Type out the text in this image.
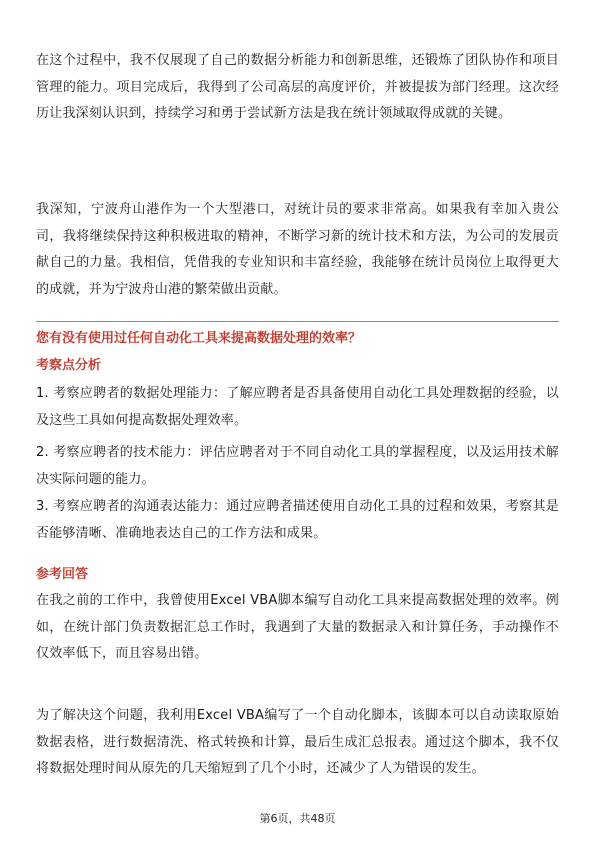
在这个过程中，我不仅展现了自己的数据分析能力和创新思维，还锻炼了团队协作和项目管理的能力。项目完成后，我得到了公司高层的高度评价，并被提拔为部门经理。这次经历让我深刻认识到，持续学习和勇于尝试新方法是我在统计领域取得成就的关键。

我深知，宁波舟山港作为一个大型港口，对统计员的要求非常高。如果我有幸加入贵公司，我将继续保持这种积极进取的精神，不断学习新的统计技术和方法，为公司的发展贡献自己的力量。我相信，凭借我的专业知识和丰富经验，我能够在统计员岗位上取得更大的成就，并为宁波舟山港的繁荣做出贡献。

您有没有使用过任何自动化工具来提高数据处理的效率？

考察点分析

1. 考察应聘者的数据处理能力：了解应聘者是否具备使用自动化工具处理数据的经验，以及这些工具如何提高数据处理效率。

2. 考察应聘者的技术能力：评估应聘者对于不同自动化工具的掌握程度，以及运用技术解决实际问题的能力。

3. 考察应聘者的沟通表达能力：通过应聘者描述使用自动化工具的过程和效果，考察其是否能够清晰、准确地表达自己的工作方法和成果。

参考回答

在我之前的工作中，我曾使用Excel VBA脚本编写自动化工具来提高数据处理的效率。例如，在统计部门负责数据汇总工作时，我遇到了大量的数据录入和计算任务，手动操作不仅效率低下，而且容易出错。

为了解决这个问题，我利用Excel VBA编写了一个自动化脚本，该脚本可以自动读取原始数据表格，进行数据清洗、格式转换和计算，最后生成汇总报表。通过这个脚本，我不仅将数据处理时间从原先的几天缩短到了几个小时，还减少了人为错误的发生。

第6页，共48页
